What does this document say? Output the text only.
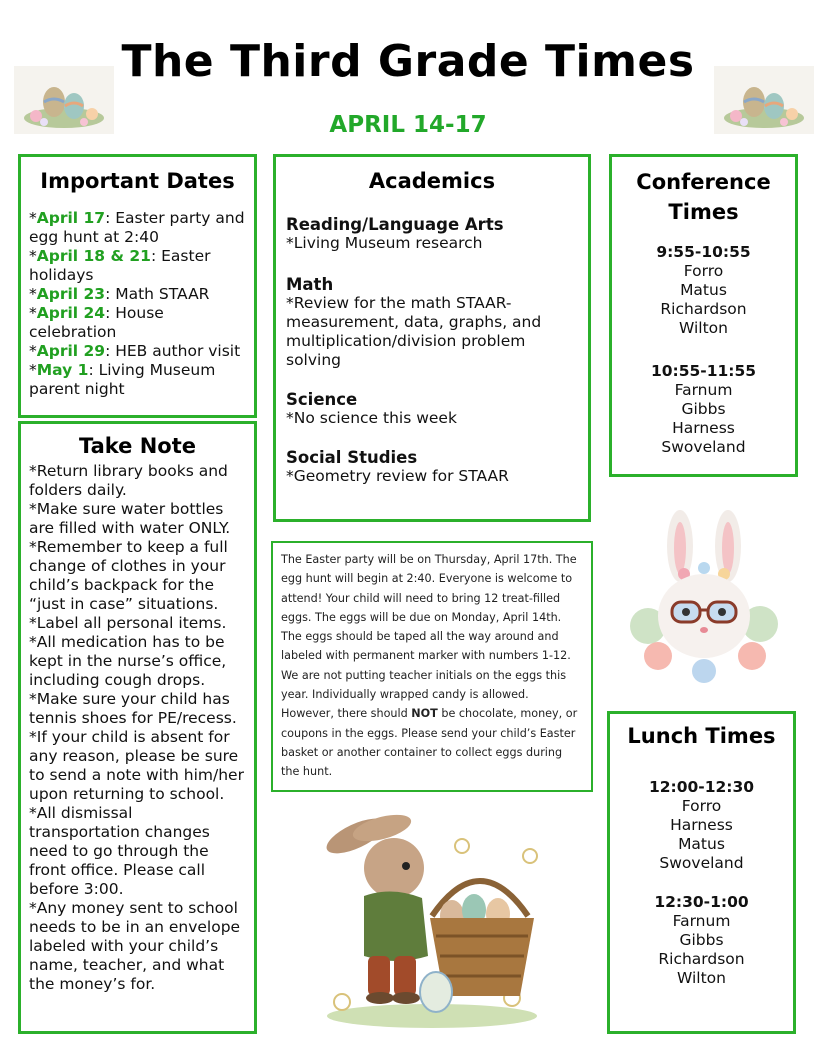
The Third Grade Times
APRIL 14-17
Important Dates
*April 17: Easter party and egg hunt at 2:40
*April 18 & 21: Easter holidays
*April 23: Math STAAR
*April 24: House celebration
*April 29: HEB author visit
*May 1: Living Museum parent night
Take Note
*Return library books and folders daily.
*Make sure water bottles are filled with water ONLY.
*Remember to keep a full change of clothes in your child’s backpack for the “just in case” situations.
*Label all personal items.
*All medication has to be kept in the nurse’s office, including cough drops.
*Make sure your child has tennis shoes for PE/recess.
*If your child is absent for any reason, please be sure to send a note with him/her upon returning to school.
*All dismissal transportation changes need to go through the front office. Please call before 3:00.
*Any money sent to school needs to be in an envelope labeled with your child’s name, teacher, and what the money’s for.
Academics
Reading/Language Arts
*Living Museum research
Math
*Review for the math STAAR-measurement, data, graphs, and multiplication/division problem solving
Science
*No science this week
Social Studies
*Geometry review for STAAR
The Easter party will be on Thursday, April 17th. The egg hunt will begin at 2:40. Everyone is welcome to attend! Your child will need to bring 12 treat-filled eggs. The eggs will be due on Monday, April 14th. The eggs should be taped all the way around and labeled with permanent marker with numbers 1-12. We are not putting teacher initials on the eggs this year. Individually wrapped candy is allowed. However, there should NOT be chocolate, money, or coupons in the eggs. Please send your child’s Easter basket or another container to collect eggs during the hunt.
Conference Times
9:55-10:55
Forro
Matus
Richardson
Wilton
10:55-11:55
Farnum
Gibbs
Harness
Swoveland
Lunch Times
12:00-12:30
Forro
Harness
Matus
Swoveland
12:30-1:00
Farnum
Gibbs
Richardson
Wilton
